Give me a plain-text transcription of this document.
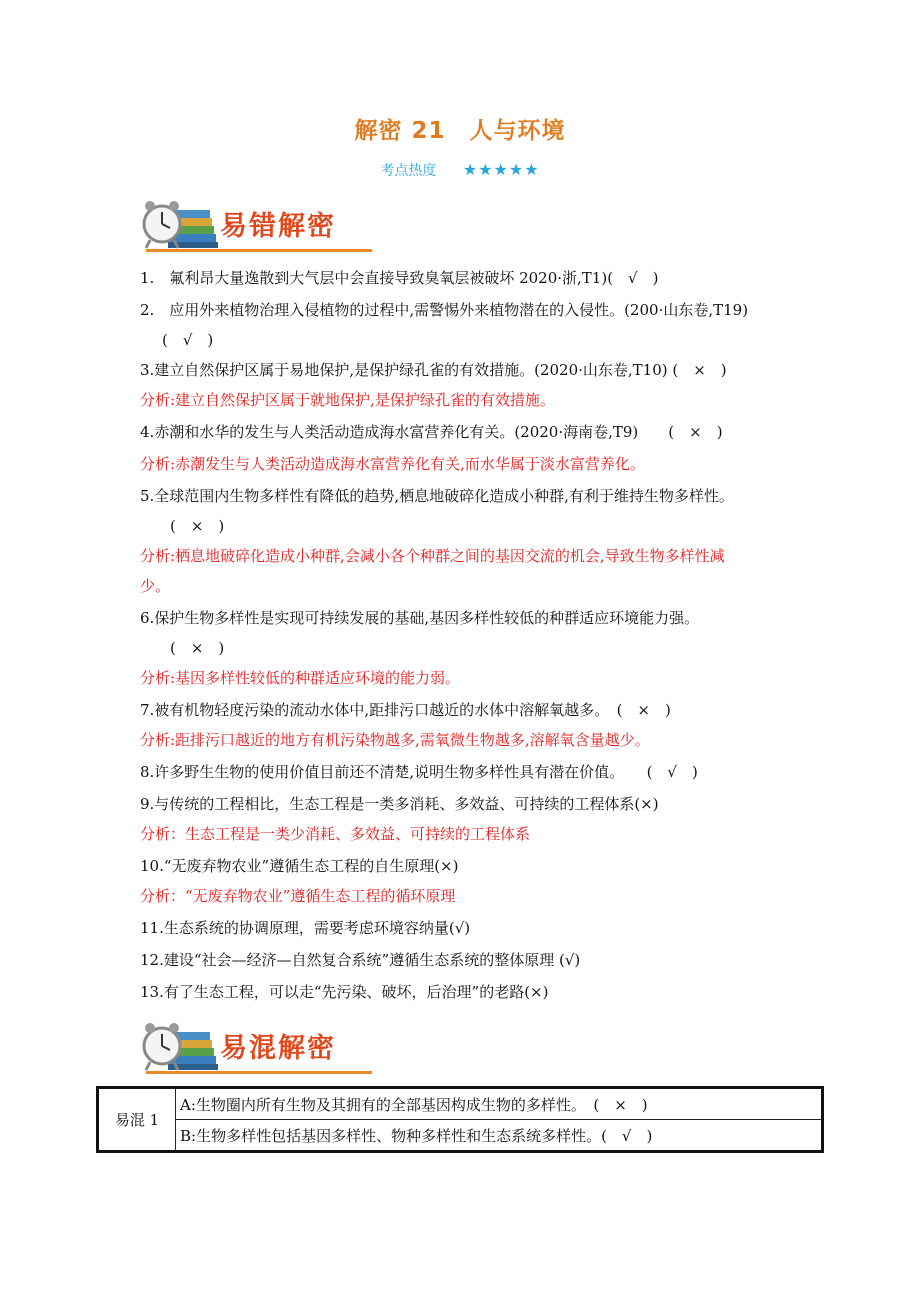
解密 21　人与环境
考点热度 ★★★★★
易错解密
1.　氟利昂大量逸散到大气层中会直接导致臭氧层被破坏 2020·浙,T1)(　√　)
2.　应用外来植物治理入侵植物的过程中,需警惕外来植物潜在的入侵性。(200·山东卷,T19)
(　√　)
3.建立自然保护区属于易地保护,是保护绿孔雀的有效措施。(2020·山东卷,T10) (　×　)
分析:建立自然保护区属于就地保护,是保护绿孔雀的有效措施。
4.赤潮和水华的发生与人类活动造成海水富营养化有关。(2020·海南卷,T9)　　(　×　)
分析:赤潮发生与人类活动造成海水富营养化有关,而水华属于淡水富营养化。
5.全球范围内生物多样性有降低的趋势,栖息地破碎化造成小种群,有利于维持生物多样性。
(　×　)
分析:栖息地破碎化造成小种群,会减小各个种群之间的基因交流的机会,导致生物多样性减
少。
6.保护生物多样性是实现可持续发展的基础,基因多样性较低的种群适应环境能力强。
(　×　)
分析:基因多样性较低的种群适应环境的能力弱。
7.被有机物轻度污染的流动水体中,距排污口越近的水体中溶解氧越多。　(　×　)
分析:距排污口越近的地方有机污染物越多,需氧微生物越多,溶解氧含量越少。
8.许多野生生物的使用价值目前还不清楚,说明生物多样性具有潜在价值。　　(　√　)
9.与传统的工程相比，生态工程是一类多消耗、多效益、可持续的工程体系(×)
分析：生态工程是一类少消耗、多效益、可持续的工程体系
10.“无废弃物农业”遵循生态工程的自生原理(×)
分析：“无废弃物农业”遵循生态工程的循环原理
11.生态系统的协调原理，需要考虑环境容纳量(√)
12.建设“社会—经济—自然复合系统”遵循生态系统的整体原理 (√)
13.有了生态工程，可以走“先污染、破坏，后治理”的老路(×)
易混解密
易混 1	A:生物圈内所有生物及其拥有的全部基因构成生物的多样性。　(　×　)
B:生物多样性包括基因多样性、物种多样性和生态系统多样性。(　√　)
